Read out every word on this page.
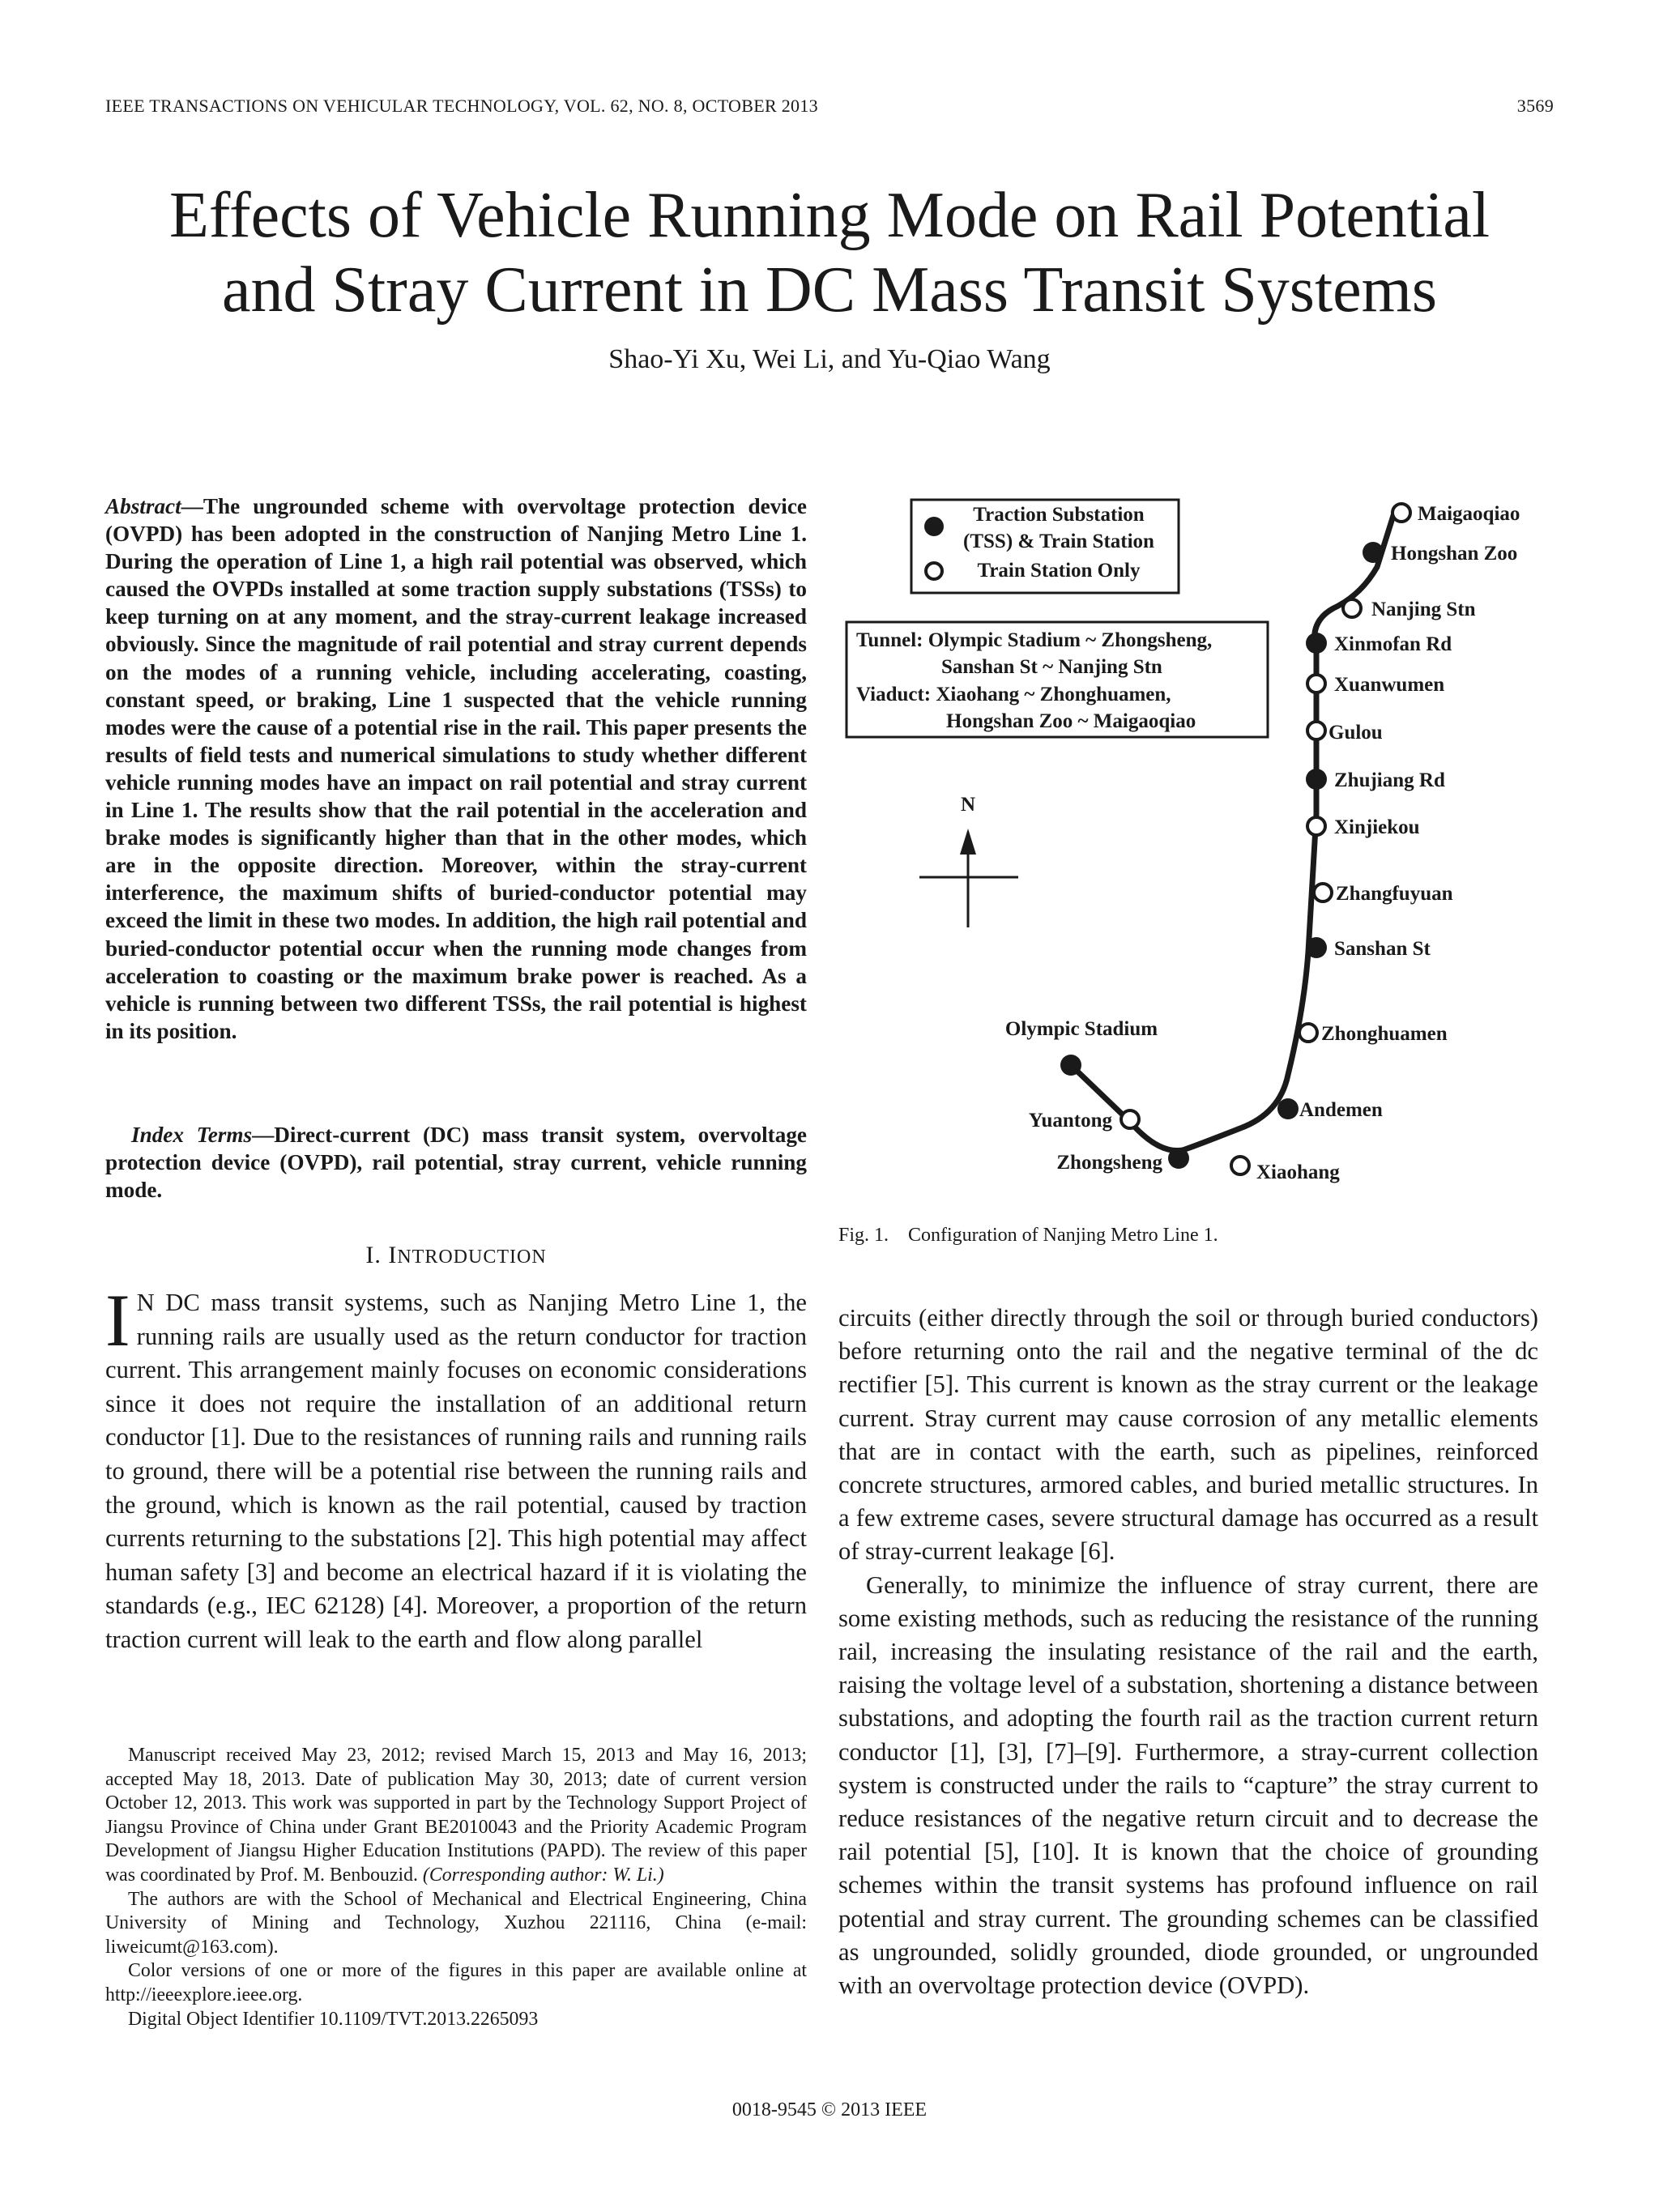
IEEE TRANSACTIONS ON VEHICULAR TECHNOLOGY, VOL. 62, NO. 8, OCTOBER 2013	3569
Effects of Vehicle Running Mode on Rail Potential
and Stray Current in DC Mass Transit Systems
Shao-Yi Xu, Wei Li, and Yu-Qiao Wang
Abstract—The ungrounded scheme with overvoltage protection device (OVPD) has been adopted in the construction of Nanjing Metro Line 1. During the operation of Line 1, a high rail potential was observed, which caused the OVPDs installed at some traction supply substations (TSSs) to keep turning on at any moment, and the stray-current leakage increased obviously. Since the magnitude of rail potential and stray current depends on the modes of a running vehicle, including accelerating, coasting, constant speed, or braking, Line 1 suspected that the vehicle running modes were the cause of a potential rise in the rail. This paper presents the results of field tests and numerical simulations to study whether different vehicle running modes have an impact on rail potential and stray current in Line 1. The results show that the rail potential in the acceleration and brake modes is significantly higher than that in the other modes, which are in the opposite direction. Moreover, within the stray-current interference, the maximum shifts of buried-conductor potential may exceed the limit in these two modes. In addition, the high rail potential and buried-conductor potential occur when the running mode changes from acceleration to coasting or the maximum brake power is reached. As a vehicle is running between two different TSSs, the rail potential is highest in its position.
Index Terms—Direct-current (DC) mass transit system, overvoltage protection device (OVPD), rail potential, stray current, vehicle running mode.
I. INTRODUCTION
I N DC mass transit systems, such as Nanjing Metro Line 1, the running rails are usually used as the return conductor for traction current. This arrangement mainly focuses on economic considerations since it does not require the installation of an additional return conductor [1]. Due to the resistances of running rails and running rails to ground, there will be a potential rise between the running rails and the ground, which is known as the rail potential, caused by traction currents returning to the substations [2]. This high potential may affect human safety [3] and become an electrical hazard if it is violating the standards (e.g., IEC 62128) [4]. Moreover, a proportion of the return traction current will leak to the earth and flow along parallel

Manuscript received May 23, 2012; revised March 15, 2013 and May 16, 2013; accepted May 18, 2013. Date of publication May 30, 2013; date of current version October 12, 2013. This work was supported in part by the Technology Support Project of Jiangsu Province of China under Grant BE2010043 and the Priority Academic Program Development of Jiangsu Higher Education Institutions (PAPD). The review of this paper was coordinated by Prof. M. Benbouzid. (Corresponding author: W. Li.)

The authors are with the School of Mechanical and Electrical Engineering, China University of Mining and Technology, Xuzhou 221116, China (e-mail: liweicumt@163.com).

Color versions of one or more of the figures in this paper are available online at http://ieeexplore.ieee.org.

Digital Object Identifier 10.1109/TVT.2013.2265093

circuits (either directly through the soil or through buried conductors) before returning onto the rail and the negative terminal of the dc rectifier [5]. This current is known as the stray current or the leakage current. Stray current may cause corrosion of any metallic elements that are in contact with the earth, such as pipelines, reinforced concrete structures, armored cables, and buried metallic structures. In a few extreme cases, severe structural damage has occurred as a result of stray-current leakage [6].

Generally, to minimize the influence of stray current, there are some existing methods, such as reducing the resistance of the running rail, increasing the insulating resistance of the rail and the earth, raising the voltage level of a substation, shortening a distance between substations, and adopting the fourth rail as the traction current return conductor [1], [3], [7]–[9]. Furthermore, a stray-current collection system is constructed under the rails to “capture” the stray current to reduce resistances of the negative return circuit and to decrease the rail potential [5], [10]. It is known that the choice of grounding schemes within the transit systems has profound influence on rail potential and stray current. The grounding schemes can be classified as ungrounded, solidly grounded, diode grounded, or ungrounded with an overvoltage protection device (OVPD).

Traction Substation
(TSS) & Train Station
Train Station Only
Tunnel: Olympic Stadium ~ Zhongsheng,
Sanshan St ~ Nanjing Stn
Viaduct: Xiaohang ~ Zhonghuamen,
Hongshan Zoo ~ Maigaoqiao
N
Maigaoqiao
Hongshan Zoo
Nanjing Stn
Xinmofan Rd
Xuanwumen
Gulou
Zhujiang Rd
Xinjiekou
Zhangfuyuan
Sanshan St
Zhonghuamen
Andemen
Xiaohang
Zhongsheng
Yuantong
Olympic Stadium
Fig. 1.    Configuration of Nanjing Metro Line 1.
0018-9545 © 2013 IEEE
